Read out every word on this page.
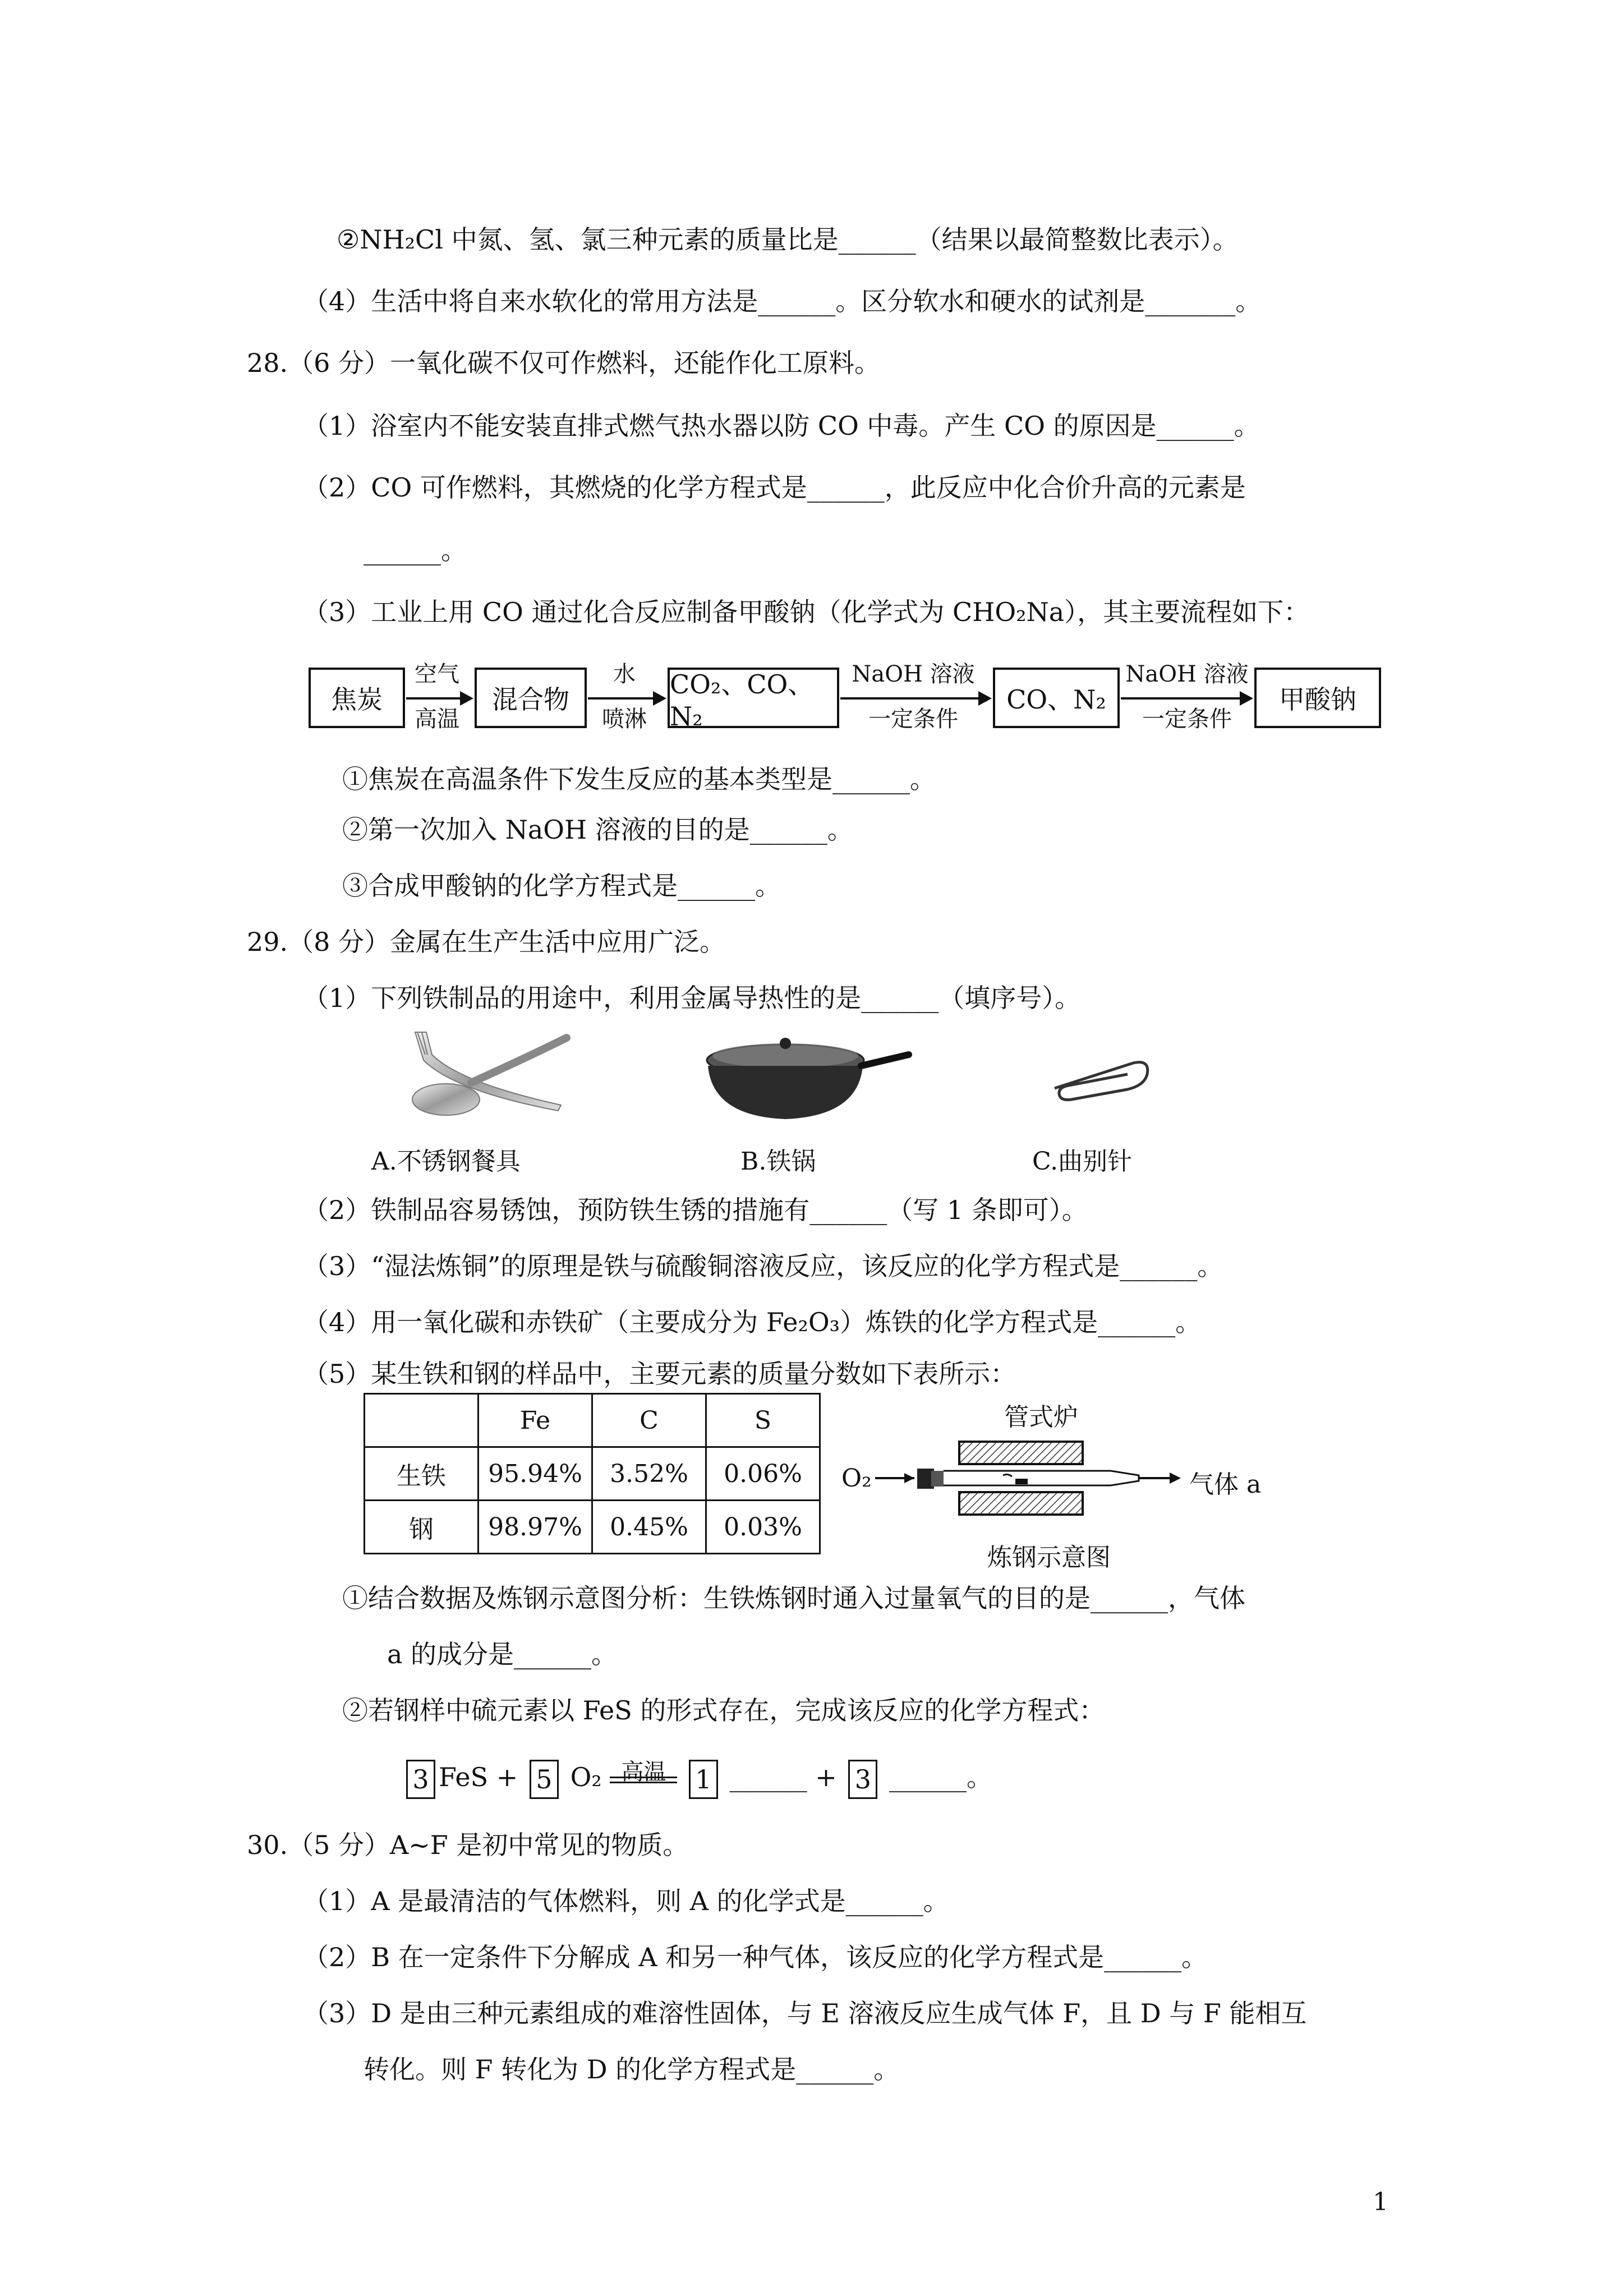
②NH₂Cl 中氮、氢、氯三种元素的质量比是______（结果以最简整数比表示）。
（4）生活中将自来水软化的常用方法是______。区分软水和硬水的试剂是_______。
28.（6 分）一氧化碳不仅可作燃料，还能作化工原料。
（1）浴室内不能安装直排式燃气热水器以防 CO 中毒。产生 CO 的原因是______。
（2）CO 可作燃料，其燃烧的化学方程式是______，此反应中化合价升高的元素是
______。
（3）工业上用 CO 通过化合反应制备甲酸钠（化学式为 CHO₂Na），其主要流程如下：
焦炭
空气
高温
混合物
水
喷淋
CO₂、CO、N₂
NaOH 溶液
一定条件
CO、N₂
NaOH 溶液
一定条件
甲酸钠
①焦炭在高温条件下发生反应的基本类型是______。
②第一次加入 NaOH 溶液的目的是______。
③合成甲酸钠的化学方程式是______。
29.（8 分）金属在生产生活中应用广泛。
（1）下列铁制品的用途中，利用金属导热性的是______（填序号）。
A.不锈钢餐具	B.铁锅	C.曲别针
（2）铁制品容易锈蚀，预防铁生锈的措施有______（写 1 条即可）。
（3）“湿法炼铜”的原理是铁与硫酸铜溶液反应，该反应的化学方程式是______。
（4）用一氧化碳和赤铁矿（主要成分为 Fe₂O₃）炼铁的化学方程式是______。
（5）某生铁和钢的样品中，主要元素的质量分数如下表所示：
	Fe	C	S
生铁	95.94%	3.52%	0.06%
钢	98.97%	0.45%	0.03%
管式炉
O₂	气体 a
炼钢示意图
①结合数据及炼钢示意图分析：生铁炼钢时通入过量氧气的目的是______，气体
a 的成分是______。
②若钢样中硫元素以 FeS 的形式存在，完成该反应的化学方程式：
3 FeS + 5 O₂ 高温	1 ______ + 3 ______。
30.（5 分）A~F 是初中常见的物质。
（1）A 是最清洁的气体燃料，则 A 的化学式是______。
（2）B 在一定条件下分解成 A 和另一种气体，该反应的化学方程式是______。
（3）D 是由三种元素组成的难溶性固体，与 E 溶液反应生成气体 F，且 D 与 F 能相互
转化。则 F 转化为 D 的化学方程式是______。
1
